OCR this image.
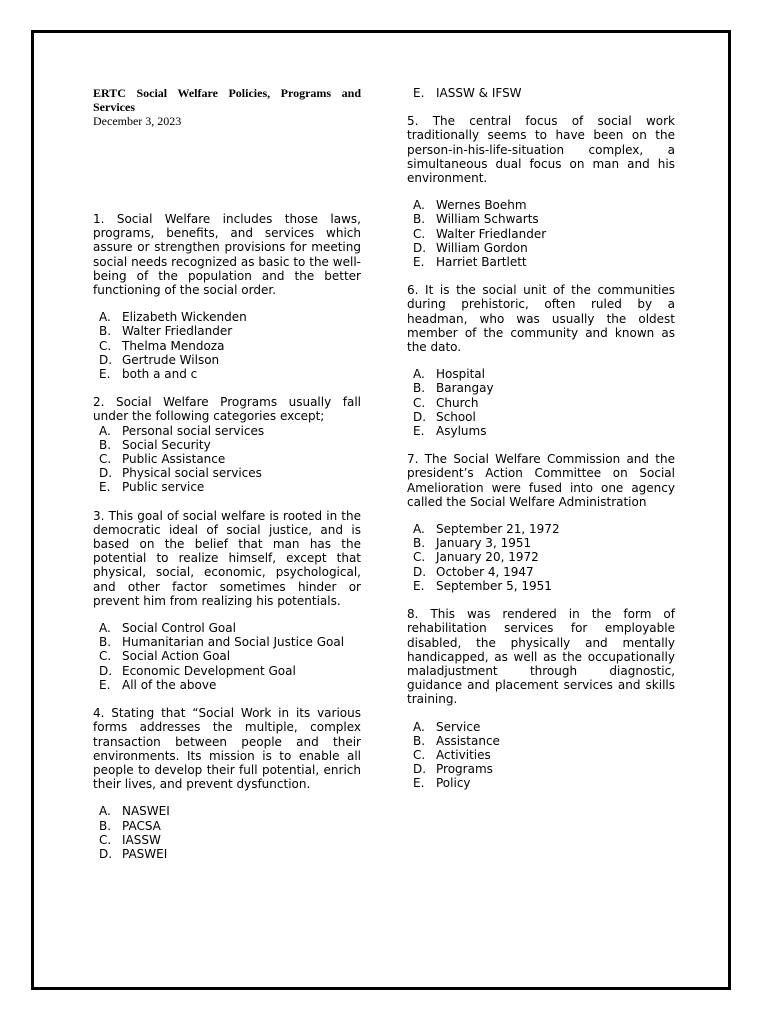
ERTC Social Welfare Policies, Programs and Services

December 3, 2023

1. Social Welfare includes those laws, programs, benefits, and services which assure or strengthen provisions for meeting social needs recognized as basic to the well-being of the population and the better functioning of the social order.

A. Elizabeth Wickenden
B. Walter Friedlander
C. Thelma Mendoza
D. Gertrude Wilson
E. both a and c

2. Social Welfare Programs usually fall under the following categories except;

A. Personal social services
B. Social Security
C. Public Assistance
D. Physical social services
E. Public service

3. This goal of social welfare is rooted in the democratic ideal of social justice, and is based on the belief that man has the potential to realize himself, except that physical, social, economic, psychological, and other factor sometimes hinder or prevent him from realizing his potentials.

A. Social Control Goal
B. Humanitarian and Social Justice Goal
C. Social Action Goal
D. Economic Development Goal
E. All of the above

4. Stating that “Social Work in its various forms addresses the multiple, complex transaction between people and their environments. Its mission is to enable all people to develop their full potential, enrich their lives, and prevent dysfunction.

A. NASWEI
B. PACSA
C. IASSW
D. PASWEI
E. IASSW & IFSW

5. The central focus of social work traditionally seems to have been on the person-in-his-life-situation complex, a simultaneous dual focus on man and his environment.

A. Wernes Boehm
B. William Schwarts
C. Walter Friedlander
D. William Gordon
E. Harriet Bartlett

6. It is the social unit of the communities during prehistoric, often ruled by a headman, who was usually the oldest member of the community and known as the dato.

A. Hospital
B. Barangay
C. Church
D. School
E. Asylums

7. The Social Welfare Commission and the president’s Action Committee on Social Amelioration were fused into one agency called the Social Welfare Administration

A. September 21, 1972
B. January 3, 1951
C. January 20, 1972
D. October 4, 1947
E. September 5, 1951

8. This was rendered in the form of rehabilitation services for employable disabled, the physically and mentally handicapped, as well as the occupationally maladjustment through diagnostic, guidance and placement services and skills training.

A. Service
B. Assistance
C. Activities
D. Programs
E. Policy
